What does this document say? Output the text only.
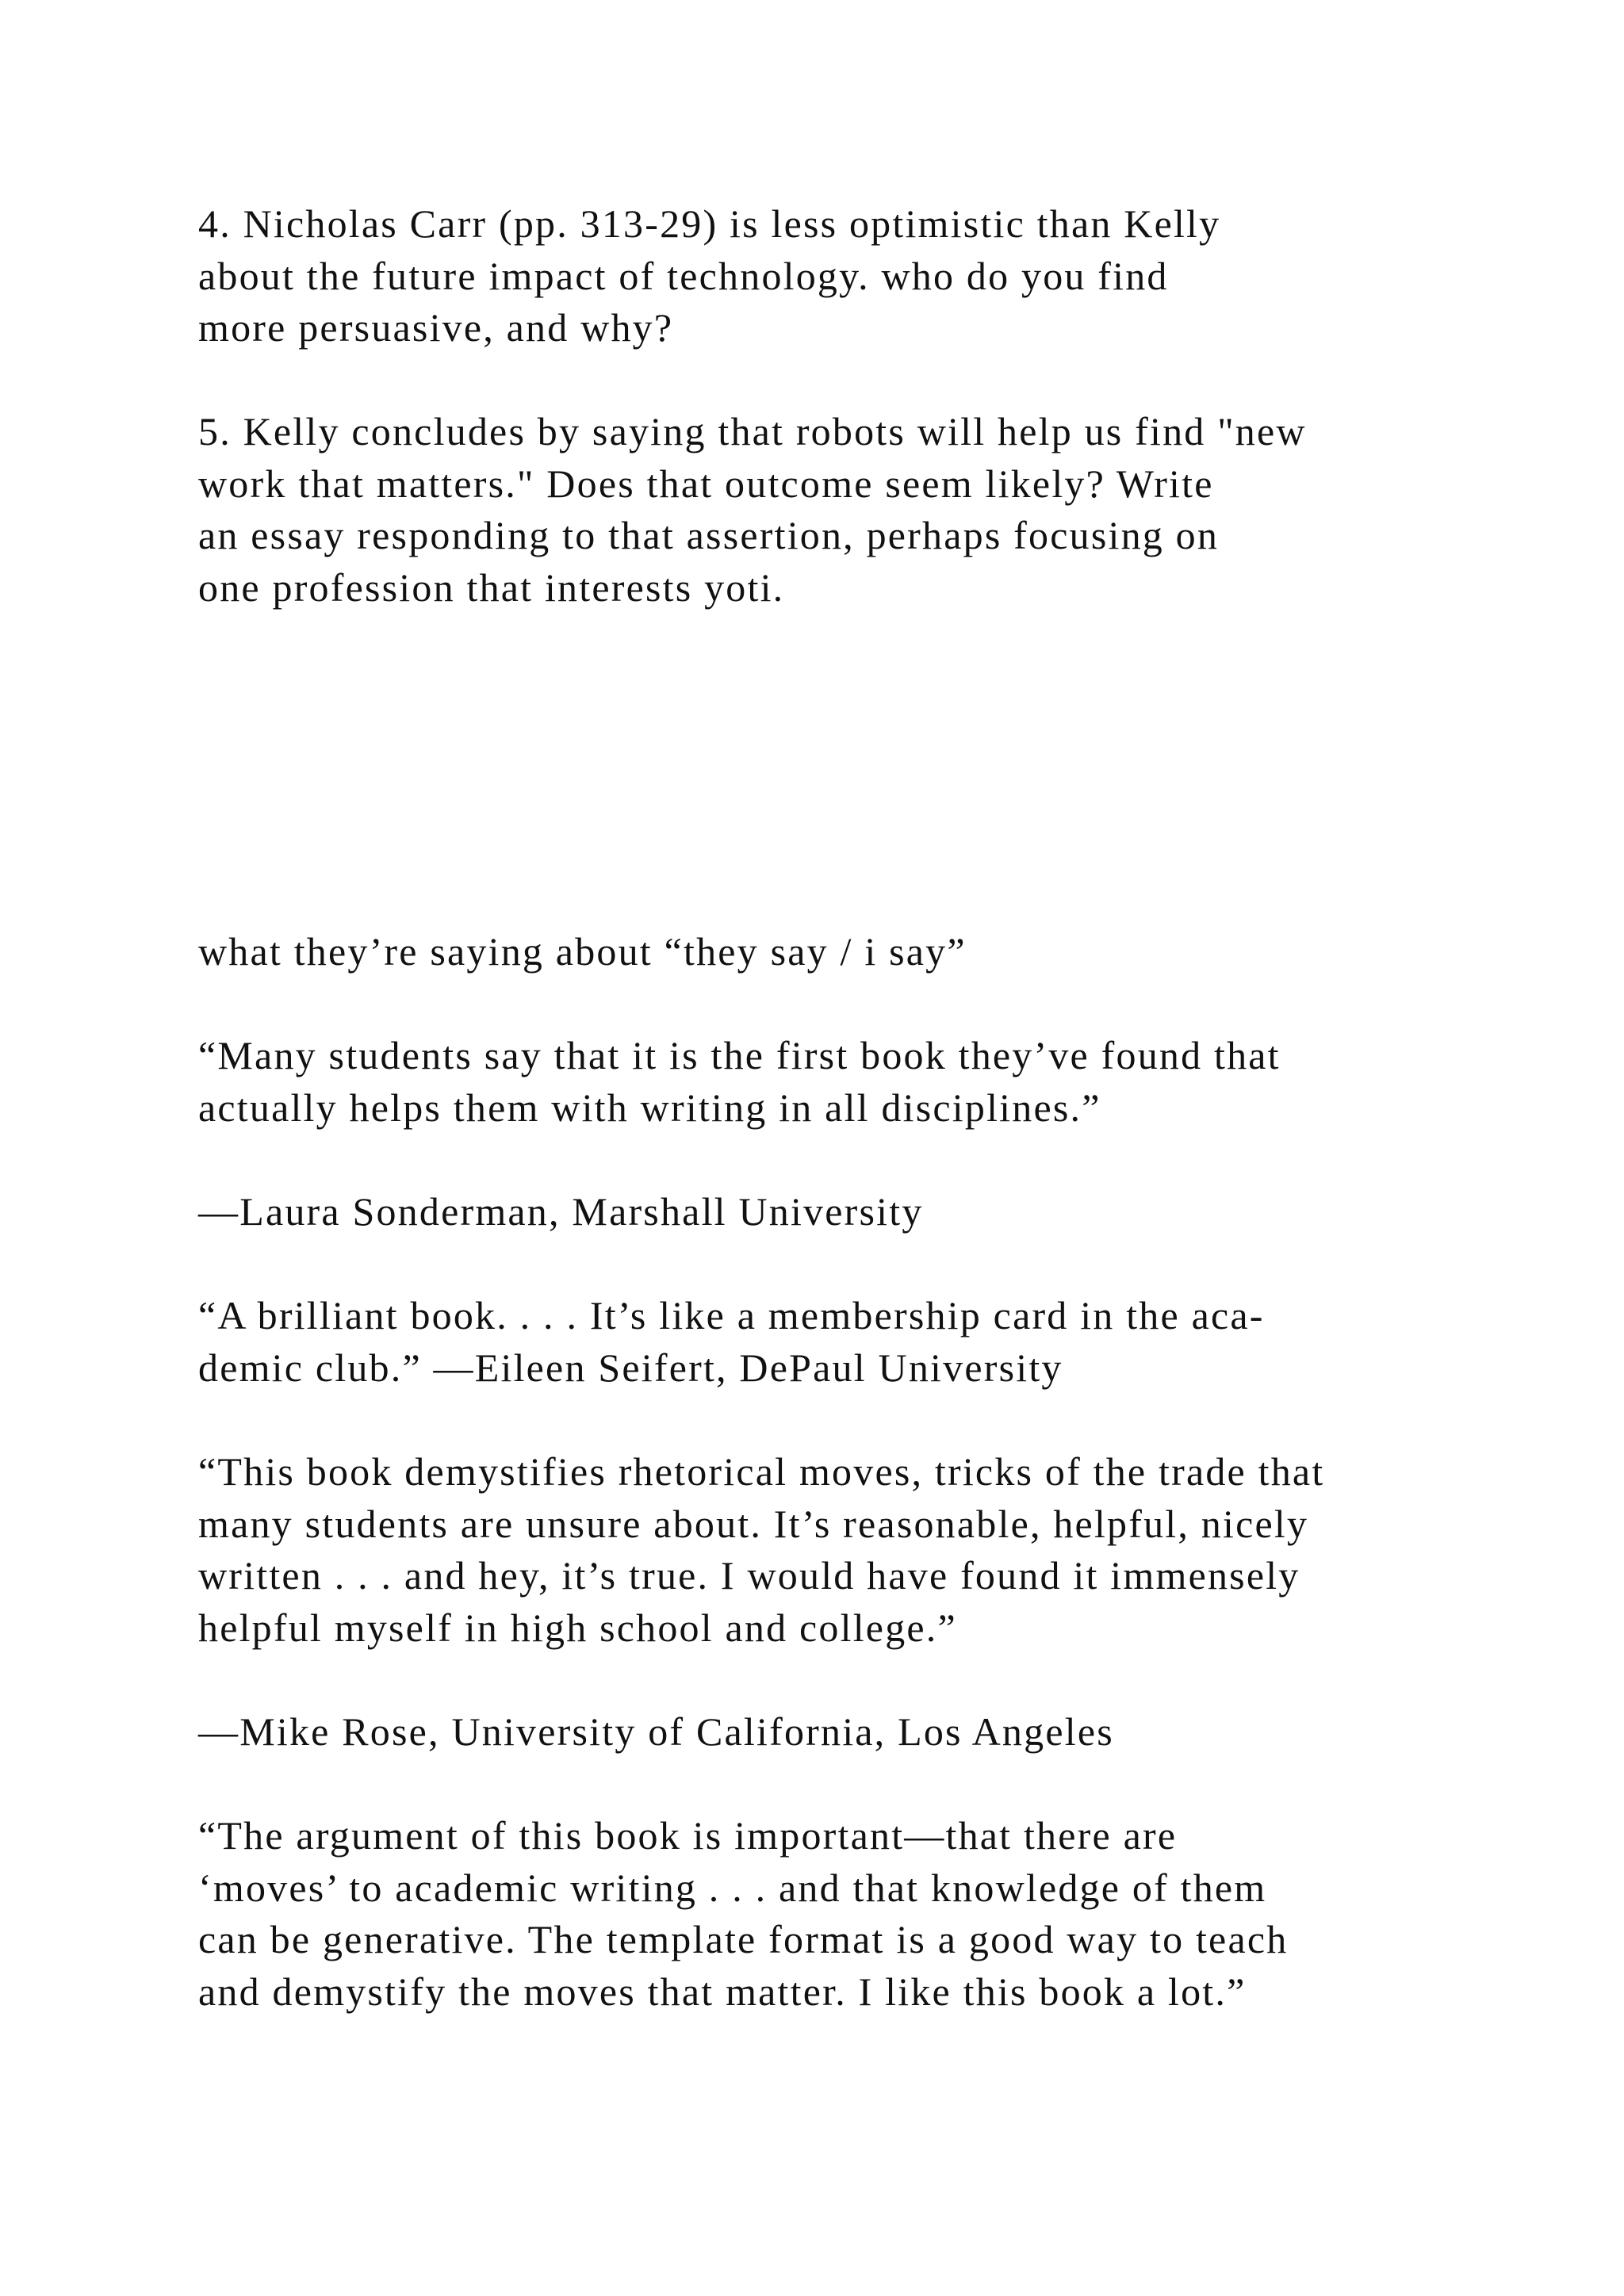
4. Nicholas Carr (pp. 313-29) is less optimistic than Kelly
about the future impact of technology. who do you find
more persuasive, and why?

5. Kelly concludes by saying that robots will help us find "new
work that matters." Does that outcome seem likely? Write
an essay responding to that assertion, perhaps focusing on
one profession that interests yoti.

what they’re saying about “they say / i say”

“Many students say that it is the first book they’ve found that
actually helps them with writing in all disciplines.”

—Laura Sonderman, Marshall University

“A brilliant book. . . . It’s like a membership card in the aca-
demic club.” —Eileen Seifert, DePaul University

“This book demystifies rhetorical moves, tricks of the trade that
many students are unsure about. It’s reasonable, helpful, nicely
written . . . and hey, it’s true. I would have found it immensely
helpful myself in high school and college.”

—Mike Rose, University of California, Los Angeles

“The argument of this book is important—that there are
‘moves’ to academic writing . . . and that knowledge of them
can be generative. The template format is a good way to teach
and demystify the moves that matter. I like this book a lot.”
